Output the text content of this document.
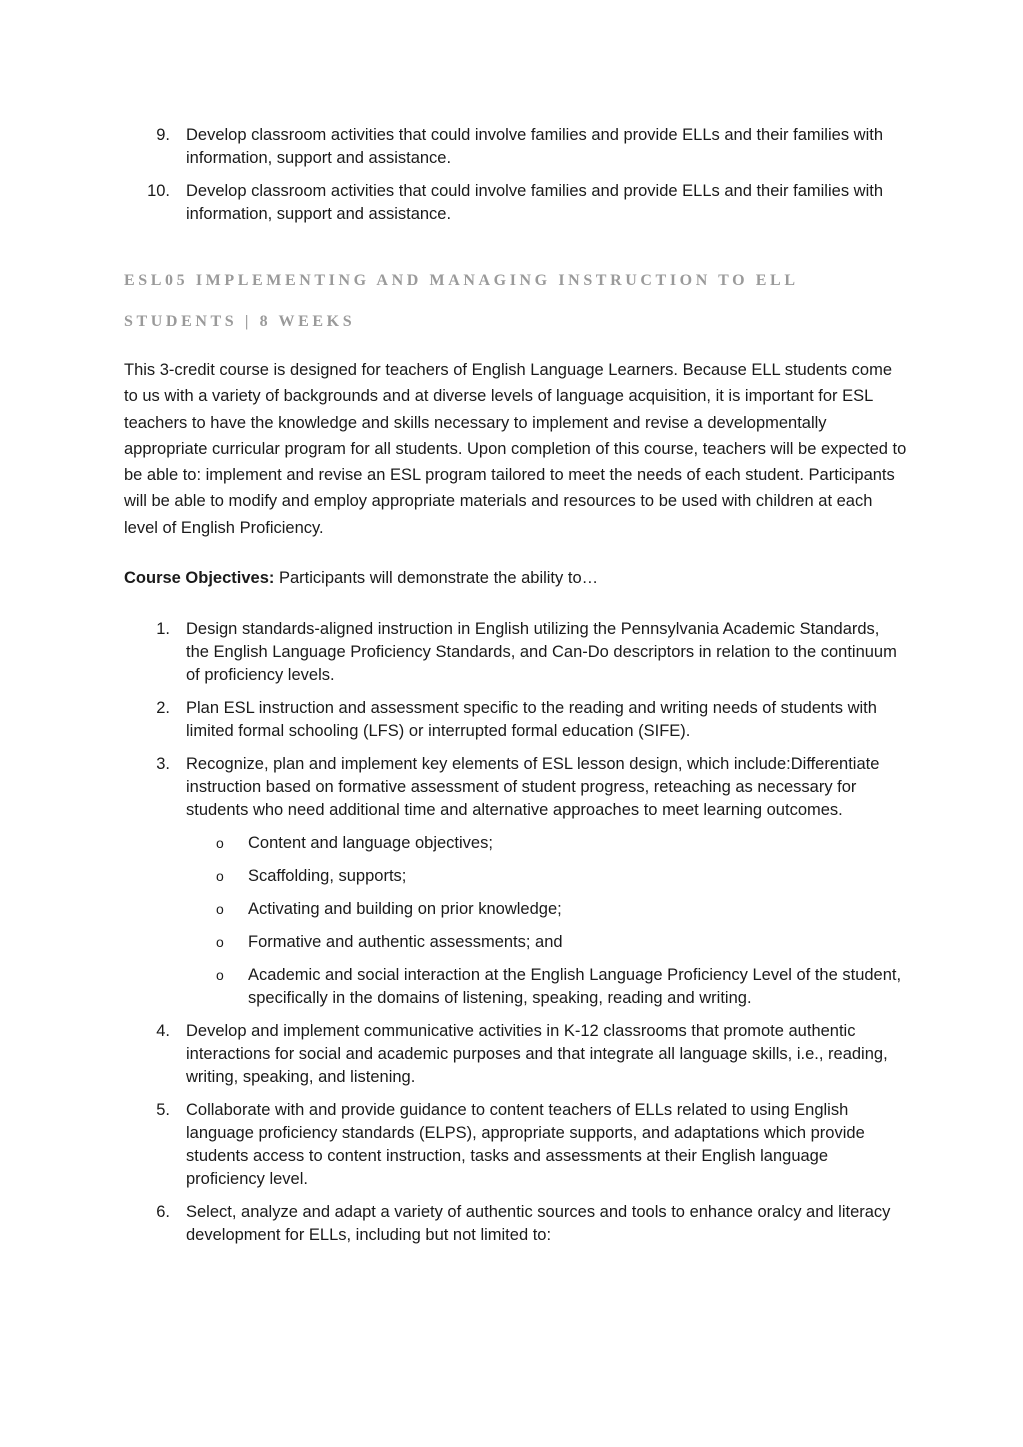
9. Develop classroom activities that could involve families and provide ELLs and their families with information, support and assistance.
10. Develop classroom activities that could involve families and provide ELLs and their families with information, support and assistance.
ESL05 IMPLEMENTING AND MANAGING INSTRUCTION TO ELL
STUDENTS | 8 WEEKS

This 3-credit course is designed for teachers of English Language Learners. Because ELL students come to us with a variety of backgrounds and at diverse levels of language acquisition, it is important for ESL teachers to have the knowledge and skills necessary to implement and revise a developmentally appropriate curricular program for all students. Upon completion of this course, teachers will be expected to be able to: implement and revise an ESL program tailored to meet the needs of each student. Participants will be able to modify and employ appropriate materials and resources to be used with children at each level of English Proficiency.

Course Objectives: Participants will demonstrate the ability to…

1. Design standards-aligned instruction in English utilizing the Pennsylvania Academic Standards, the English Language Proficiency Standards, and Can-Do descriptors in relation to the continuum of proficiency levels.
2. Plan ESL instruction and assessment specific to the reading and writing needs of students with limited formal schooling (LFS) or interrupted formal education (SIFE).
3. Recognize, plan and implement key elements of ESL lesson design, which include:Differentiate instruction based on formative assessment of student progress, reteaching as necessary for students who need additional time and alternative approaches to meet learning outcomes.
o Content and language objectives;
o Scaffolding, supports;
o Activating and building on prior knowledge;
o Formative and authentic assessments; and
o Academic and social interaction at the English Language Proficiency Level of the student, specifically in the domains of listening, speaking, reading and writing.
4. Develop and implement communicative activities in K-12 classrooms that promote authentic interactions for social and academic purposes and that integrate all language skills, i.e., reading, writing, speaking, and listening.
5. Collaborate with and provide guidance to content teachers of ELLs related to using English language proficiency standards (ELPS), appropriate supports, and adaptations which provide students access to content instruction, tasks and assessments at their English language proficiency level.
6. Select, analyze and adapt a variety of authentic sources and tools to enhance oralcy and literacy development for ELLs, including but not limited to:
